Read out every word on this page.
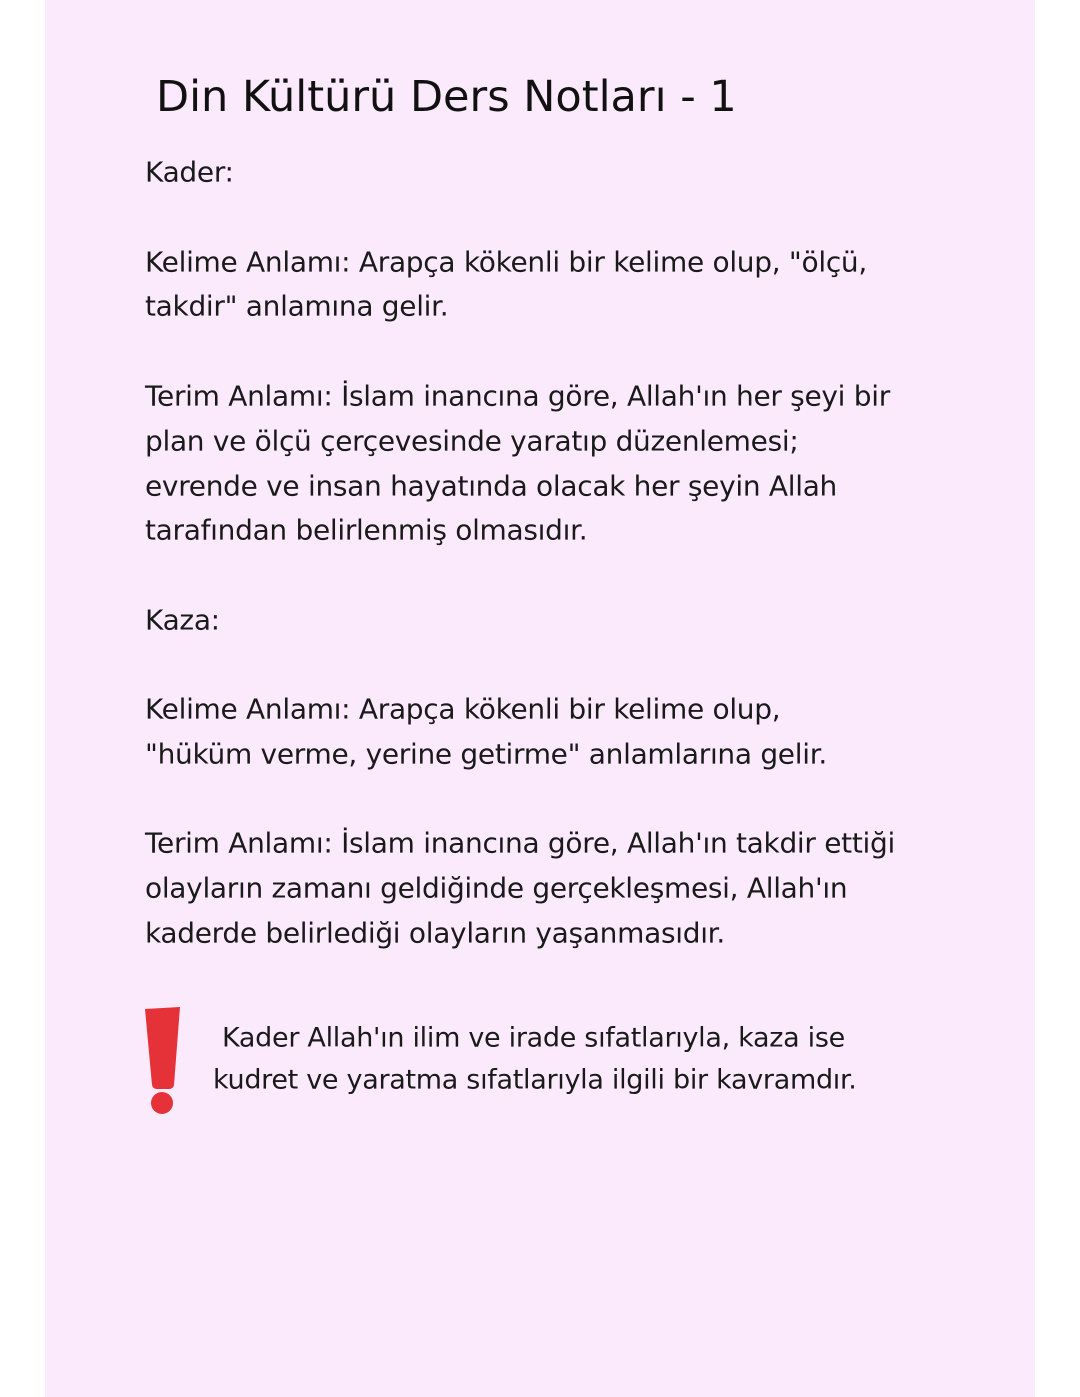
Din Kültürü Ders Notları - 1
Kader:
Kelime Anlamı: Arapça kökenli bir kelime olup, "ölçü,
takdir" anlamına gelir.
Terim Anlamı: İslam inancına göre, Allah'ın her şeyi bir
plan ve ölçü çerçevesinde yaratıp düzenlemesi;
evrende ve insan hayatında olacak her şeyin Allah
tarafından belirlenmiş olmasıdır.
Kaza:
Kelime Anlamı: Arapça kökenli bir kelime olup,
"hüküm verme, yerine getirme" anlamlarına gelir.
Terim Anlamı: İslam inancına göre, Allah'ın takdir ettiği
olayların zamanı geldiğinde gerçekleşmesi, Allah'ın
kaderde belirlediği olayların yaşanmasıdır.
Kader Allah'ın ilim ve irade sıfatlarıyla, kaza ise
kudret ve yaratma sıfatlarıyla ilgili bir kavramdır.
